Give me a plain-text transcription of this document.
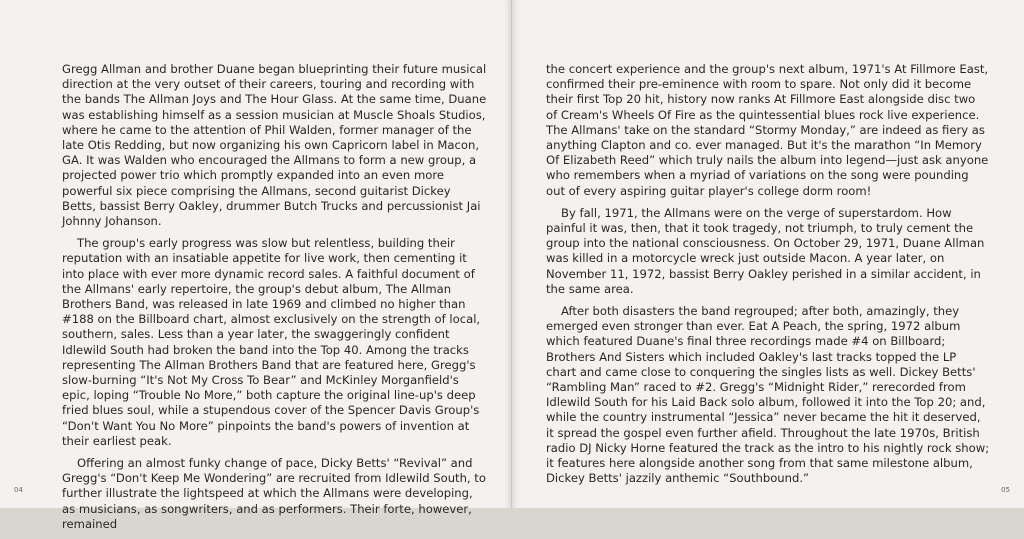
Gregg Allman and brother Duane began blueprinting their future musical direction at the very outset of their careers, touring and recording with the bands The Allman Joys and The Hour Glass. At the same time, Duane was establishing himself as a session musician at Muscle Shoals Studios, where he came to the attention of Phil Walden, former manager of the late Otis Redding, but now organizing his own Capricorn label in Macon, GA. It was Walden who encouraged the Allmans to form a new group, a projected power trio which promptly expanded into an even more powerful six piece comprising the Allmans, second guitarist Dickey Betts, bassist Berry Oakley, drummer Butch Trucks and percussionist Jai Johnny Johanson.

The group's early progress was slow but relentless, building their reputation with an insatiable appetite for live work, then cementing it into place with ever more dynamic record sales. A faithful document of the Allmans' early repertoire, the group's debut album, The Allman Brothers Band, was released in late 1969 and climbed no higher than #188 on the Billboard chart, almost exclusively on the strength of local, southern, sales. Less than a year later, the swaggeringly confident Idlewild South had broken the band into the Top 40. Among the tracks representing The Allman Brothers Band that are featured here, Gregg's slow-burning “It's Not My Cross To Bear” and McKinley Morganfield's epic, loping “Trouble No More,” both capture the original line-up's deep fried blues soul, while a stupendous cover of the Spencer Davis Group's “Don't Want You No More” pinpoints the band's powers of invention at their earliest peak.

Offering an almost funky change of pace, Dicky Betts' “Revival” and Gregg's “Don't Keep Me Wondering” are recruited from Idlewild South, to further illustrate the lightspeed at which the Allmans were developing, as musicians, as songwriters, and as performers. Their forte, however, remained

04

the concert experience and the group's next album, 1971's At Fillmore East, confirmed their pre-eminence with room to spare. Not only did it become their first Top 20 hit, history now ranks At Fillmore East alongside disc two of Cream's Wheels Of Fire as the quintessential blues rock live experience. The Allmans' take on the standard “Stormy Monday,” are indeed as fiery as anything Clapton and co. ever managed. But it's the marathon “In Memory Of Elizabeth Reed” which truly nails the album into legend—just ask anyone who remembers when a myriad of variations on the song were pounding out of every aspiring guitar player's college dorm room!

By fall, 1971, the Allmans were on the verge of superstardom. How painful it was, then, that it took tragedy, not triumph, to truly cement the group into the national consciousness. On October 29, 1971, Duane Allman was killed in a motorcycle wreck just outside Macon. A year later, on November 11, 1972, bassist Berry Oakley perished in a similar accident, in the same area.

After both disasters the band regrouped; after both, amazingly, they emerged even stronger than ever. Eat A Peach, the spring, 1972 album which featured Duane's final three recordings made #4 on Billboard; Brothers And Sisters which included Oakley's last tracks topped the LP chart and came close to conquering the singles lists as well. Dickey Betts' “Rambling Man” raced to #2. Gregg's “Midnight Rider,” rerecorded from Idlewild South for his Laid Back solo album, followed it into the Top 20; and, while the country instrumental “Jessica” never became the hit it deserved, it spread the gospel even further afield. Throughout the late 1970s, British radio DJ Nicky Horne featured the track as the intro to his nightly rock show; it features here alongside another song from that same milestone album, Dickey Betts' jazzily anthemic “Southbound.”

05
